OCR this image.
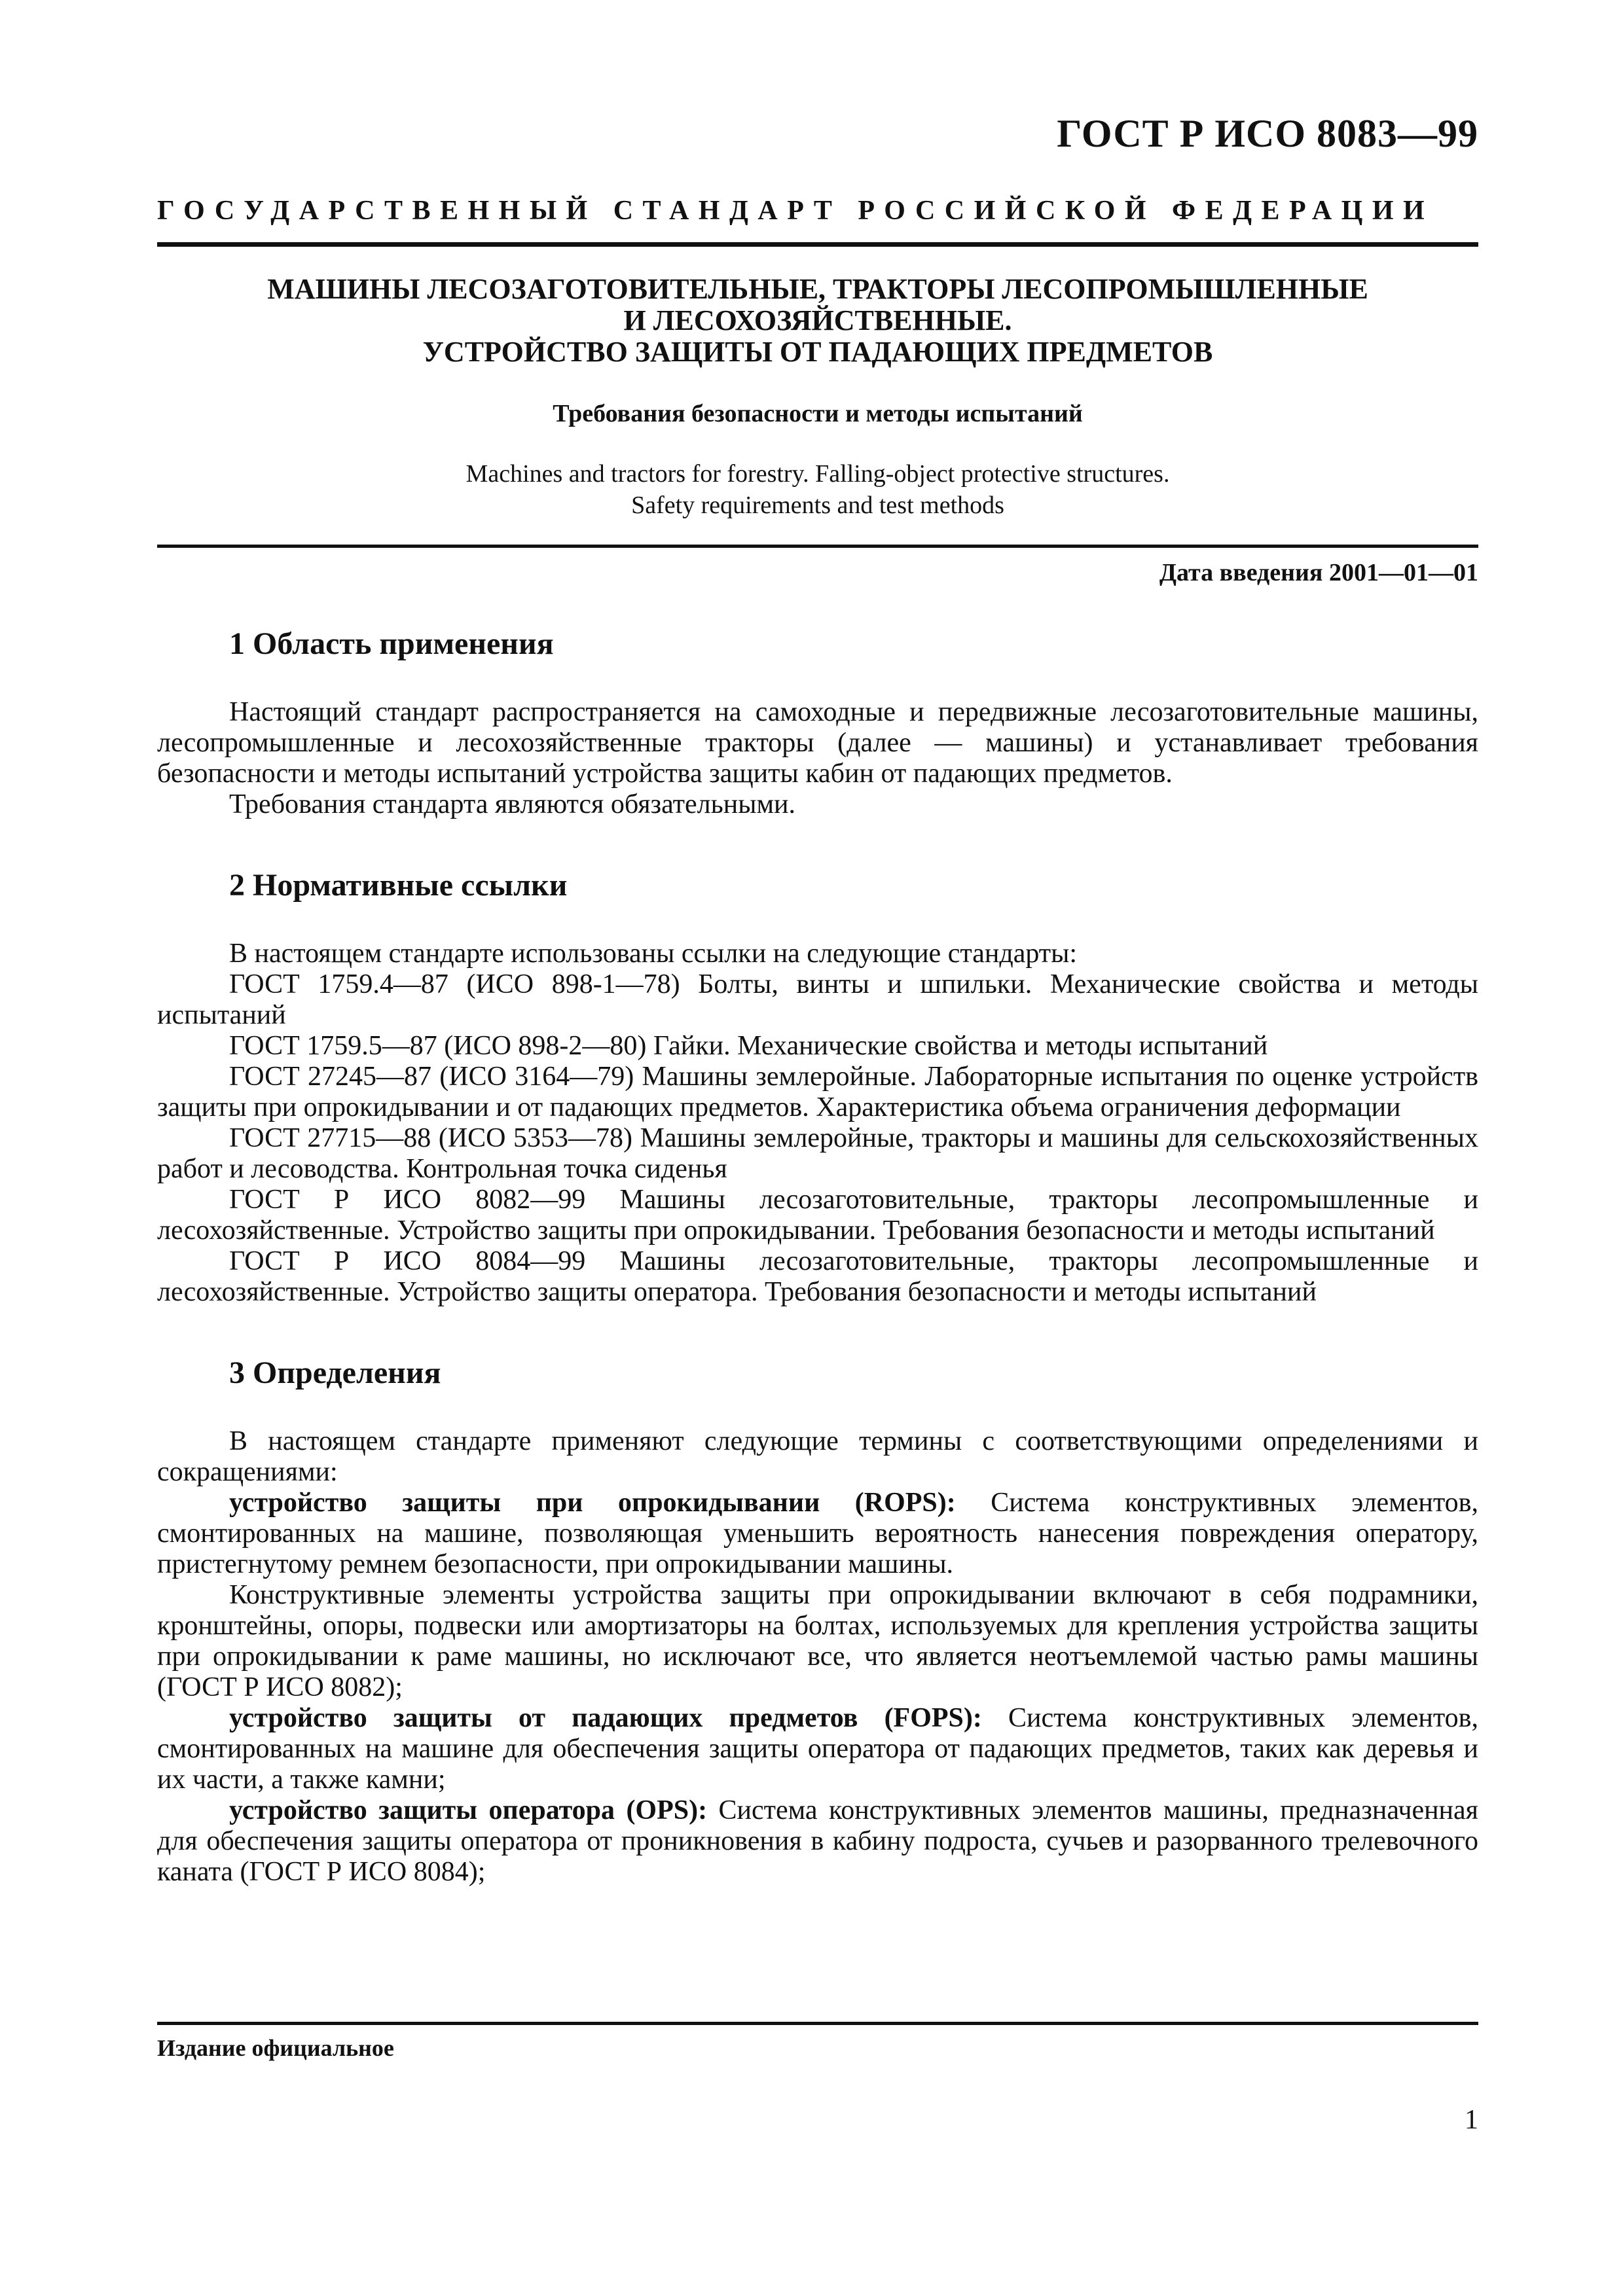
ГОСТ Р ИСО 8083—99
ГОСУДАРСТВЕННЫЙ СТАНДАРТ РОССИЙСКОЙ ФЕДЕРАЦИИ
МАШИНЫ ЛЕСОЗАГОТОВИТЕЛЬНЫЕ, ТРАКТОРЫ ЛЕСОПРОМЫШЛЕННЫЕ
И ЛЕСОХОЗЯЙСТВЕННЫЕ.
УСТРОЙСТВО ЗАЩИТЫ ОТ ПАДАЮЩИХ ПРЕДМЕТОВ
Требования безопасности и методы испытаний
Machines and tractors for forestry. Falling-object protective structures.
Safety requirements and test methods
Дата введения 2001—01—01
1 Область применения

Настоящий стандарт распространяется на самоходные и передвижные лесозаготовительные машины, лесопромышленные и лесохозяйственные тракторы (далее — машины) и устанавливает требования безопасности и методы испытаний устройства защиты кабин от падающих предметов.

Требования стандарта являются обязательными.

2 Нормативные ссылки

В настоящем стандарте использованы ссылки на следующие стандарты:

ГОСТ 1759.4—87 (ИСО 898-1—78) Болты, винты и шпильки. Механические свойства и методы испытаний

ГОСТ 1759.5—87 (ИСО 898-2—80) Гайки. Механические свойства и методы испытаний

ГОСТ 27245—87 (ИСО 3164—79) Машины землеройные. Лабораторные испытания по оценке устройств защиты при опрокидывании и от падающих предметов. Характеристика объема ограничения деформации

ГОСТ 27715—88 (ИСО 5353—78) Машины землеройные, тракторы и машины для сельскохозяйственных работ и лесоводства. Контрольная точка сиденья

ГОСТ Р ИСО 8082—99 Машины лесозаготовительные, тракторы лесопромышленные и лесохозяйственные. Устройство защиты при опрокидывании. Требования безопасности и методы испытаний

ГОСТ Р ИСО 8084—99 Машины лесозаготовительные, тракторы лесопромышленные и лесохозяйственные. Устройство защиты оператора. Требования безопасности и методы испытаний

3 Определения

В настоящем стандарте применяют следующие термины с соответствующими определениями и сокращениями:

устройство защиты при опрокидывании (ROPS): Система конструктивных элементов, смонтированных на машине, позволяющая уменьшить вероятность нанесения повреждения оператору, пристегнутому ремнем безопасности, при опрокидывании машины.

Конструктивные элементы устройства защиты при опрокидывании включают в себя подрамники, кронштейны, опоры, подвески или амортизаторы на болтах, используемых для крепления устройства защиты при опрокидывании к раме машины, но исключают все, что является неотъемлемой частью рамы машины (ГОСТ Р ИСО 8082);

устройство защиты от падающих предметов (FOPS): Система конструктивных элементов, смонтированных на машине для обеспечения защиты оператора от падающих предметов, таких как деревья и их части, а также камни;

устройство защиты оператора (OPS): Система конструктивных элементов машины, предназначенная для обеспечения защиты оператора от проникновения в кабину подроста, сучьев и разорванного трелевочного каната (ГОСТ Р ИСО 8084);

Издание официальное
1
